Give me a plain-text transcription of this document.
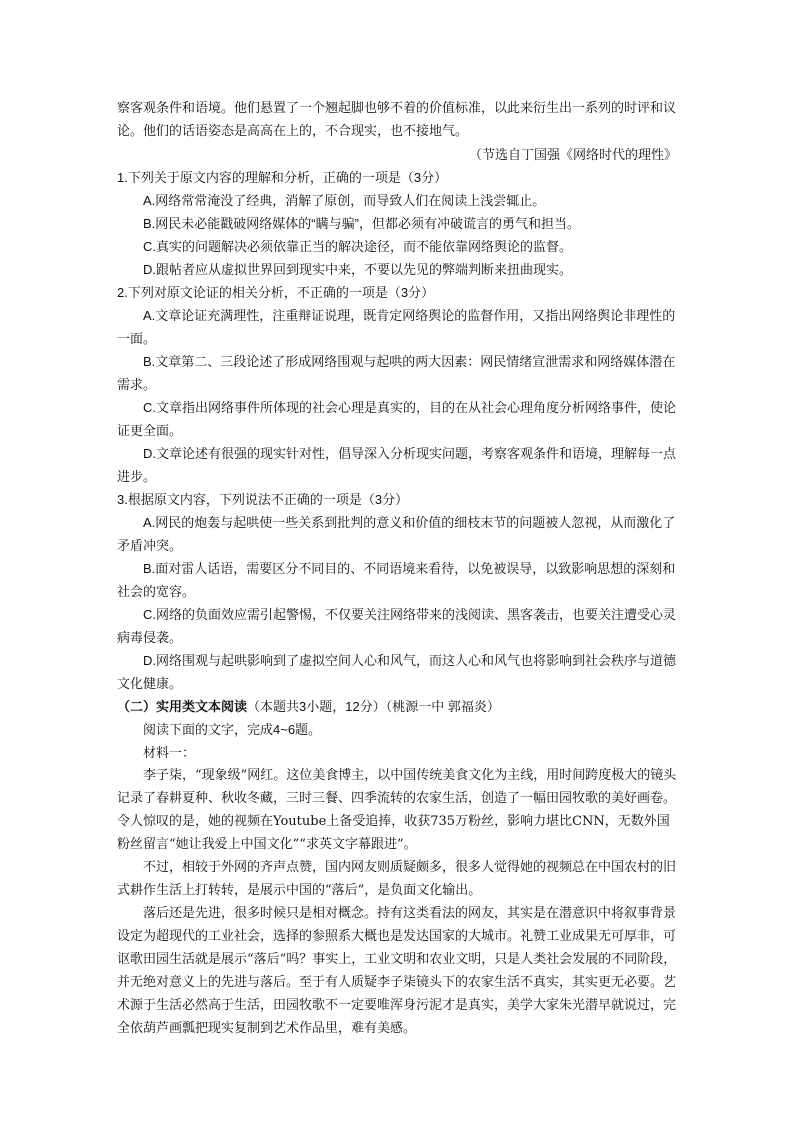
察客观条件和语境。他们悬置了一个翘起脚也够不着的价值标准，以此来衍生出一系列的时评和议论。他们的话语姿态是高高在上的，不合现实，也不接地气。
（节选自丁国强《网络时代的理性》
1.下列关于原文内容的理解和分析，正确的一项是（3分）
A.网络常常淹没了经典，消解了原创，而导致人们在阅读上浅尝辄止。
B.网民未必能戳破网络媒体的“瞒与骗”，但都必须有冲破谎言的勇气和担当。
C.真实的问题解决必须依靠正当的解决途径，而不能依靠网络舆论的监督。
D.跟帖者应从虚拟世界回到现实中来，不要以先见的弊端判断来扭曲现实。
2.下列对原文论证的相关分析，不正确的一项是（3分）
A.文章论证充满理性，注重辩证说理，既肯定网络舆论的监督作用，又指出网络舆论非理性的一面。
B.文章第二、三段论述了形成网络围观与起哄的两大因素：网民情绪宣泄需求和网络媒体潜在需求。
C.文章指出网络事件所体现的社会心理是真实的，目的在从社会心理角度分析网络事件，使论证更全面。
D.文章论述有很强的现实针对性，倡导深入分析现实问题，考察客观条件和语境，理解每一点进步。
3.根据原文内容，下列说法不正确的一项是（3分）
A.网民的炮轰与起哄使一些关系到批判的意义和价值的细枝末节的问题被人忽视，从而激化了矛盾冲突。
B.面对雷人话语，需要区分不同目的、不同语境来看待，以免被误导，以致影响思想的深刻和社会的宽容。
C.网络的负面效应需引起警惕，不仅要关注网络带来的浅阅读、黑客袭击，也要关注遭受心灵病毒侵袭。
D.网络围观与起哄影响到了虚拟空间人心和风气，而这人心和风气也将影响到社会秩序与道德文化健康。
（二）实用类文本阅读（本题共3小题，12分）（桃源一中 郭福炎）
阅读下面的文字，完成4~6题。
材料一：
李子柒，“现象级”网红。这位美食博主，以中国传统美食文化为主线，用时间跨度极大的镜头记录了春耕夏种、秋收冬藏，三时三餐、四季流转的农家生活，创造了一幅田园牧歌的美好画卷。令人惊叹的是，她的视频在Youtube上备受追捧，收获735万粉丝，影响力堪比CNN，无数外国粉丝留言“她让我爱上中国文化”“求英文字幕跟进”。
不过，相较于外网的齐声点赞，国内网友则质疑颇多，很多人觉得她的视频总在中国农村的旧式耕作生活上打转转，是展示中国的“落后”，是负面文化输出。
落后还是先进，很多时候只是相对概念。持有这类看法的网友，其实是在潜意识中将叙事背景设定为超现代的工业社会，选择的参照系大概也是发达国家的大城市。礼赞工业成果无可厚非，可讴歌田园生活就是展示“落后”吗？事实上，工业文明和农业文明，只是人类社会发展的不同阶段，并无绝对意义上的先进与落后。至于有人质疑李子柒镜头下的农家生活不真实，其实更无必要。艺术源于生活必然高于生活，田园牧歌不一定要唯浑身污泥才是真实，美学大家朱光潜早就说过，完全依葫芦画瓢把现实复制到艺术作品里，难有美感。
